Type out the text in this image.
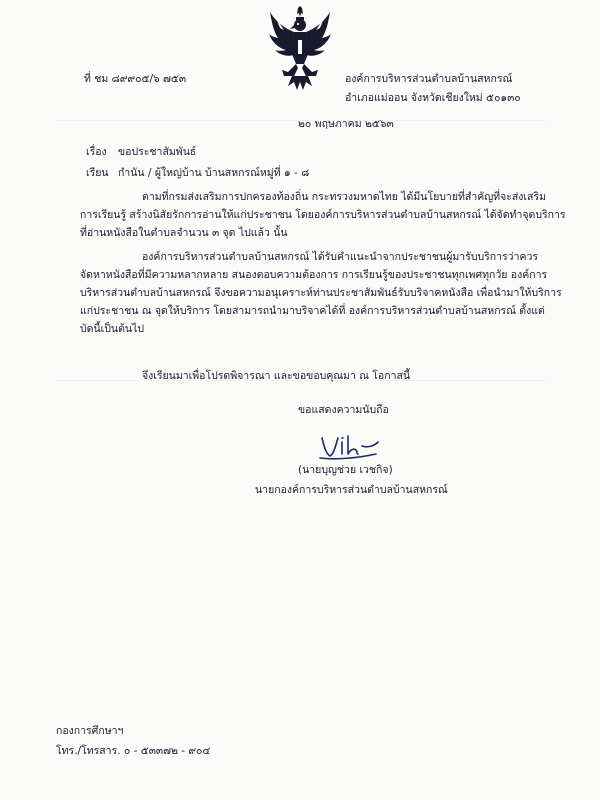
ที่ ชม ๘๙๙๐๕/๖ ๗๕๓	องค์การบริหารส่วนตำบลบ้านสหกรณ์
อำเภอแม่ออน จังหวัดเชียงใหม่ ๕๐๑๓๐
๒๐ พฤษภาคม ๒๕๖๓
เรื่อง ขอประชาสัมพันธ์
เรียน กำนัน / ผู้ใหญ่บ้าน บ้านสหกรณ์หมู่ที่ ๑ - ๘
ตามที่กรมส่งเสริมการปกครองท้องถิ่น กระทรวงมหาดไทย ได้มีนโยบายที่สำคัญที่จะส่งเสริม
การเรียนรู้ สร้างนิสัยรักการอ่านให้แก่ประชาชน โดยองค์การบริหารส่วนตำบลบ้านสหกรณ์ ได้จัดทำจุดบริการ
ที่อ่านหนังสือในตำบลจำนวน ๓ จุด ไปแล้ว นั้น
องค์การบริหารส่วนตำบลบ้านสหกรณ์ ได้รับคำแนะนำจากประชาชนผู้มารับบริการว่าควร
จัดหาหนังสือที่มีความหลากหลาย สนองตอบความต้องการ การเรียนรู้ของประชาชนทุกเพศทุกวัย องค์การ
บริหารส่วนตำบลบ้านสหกรณ์ จึงขอความอนุเคราะห์ท่านประชาสัมพันธ์รับบริจาคหนังสือ เพื่อนำมาให้บริการ
แก่ประชาชน ณ จุดให้บริการ โดยสามารถนำมาบริจาคได้ที่ องค์การบริหารส่วนตำบลบ้านสหกรณ์ ตั้งแต่
บัดนี้เป็นต้นไป
จึงเรียนมาเพื่อโปรดพิจารณา และขอขอบคุณมา ณ โอกาสนี้
ขอแสดงความนับถือ
(นายบุญช่วย เวชกิจ)
นายกองค์การบริหารส่วนตำบลบ้านสหกรณ์
กองการศึกษาฯ
โทร./โทรสาร. ๐ - ๕๓๓๗๒ - ๙๐๔
